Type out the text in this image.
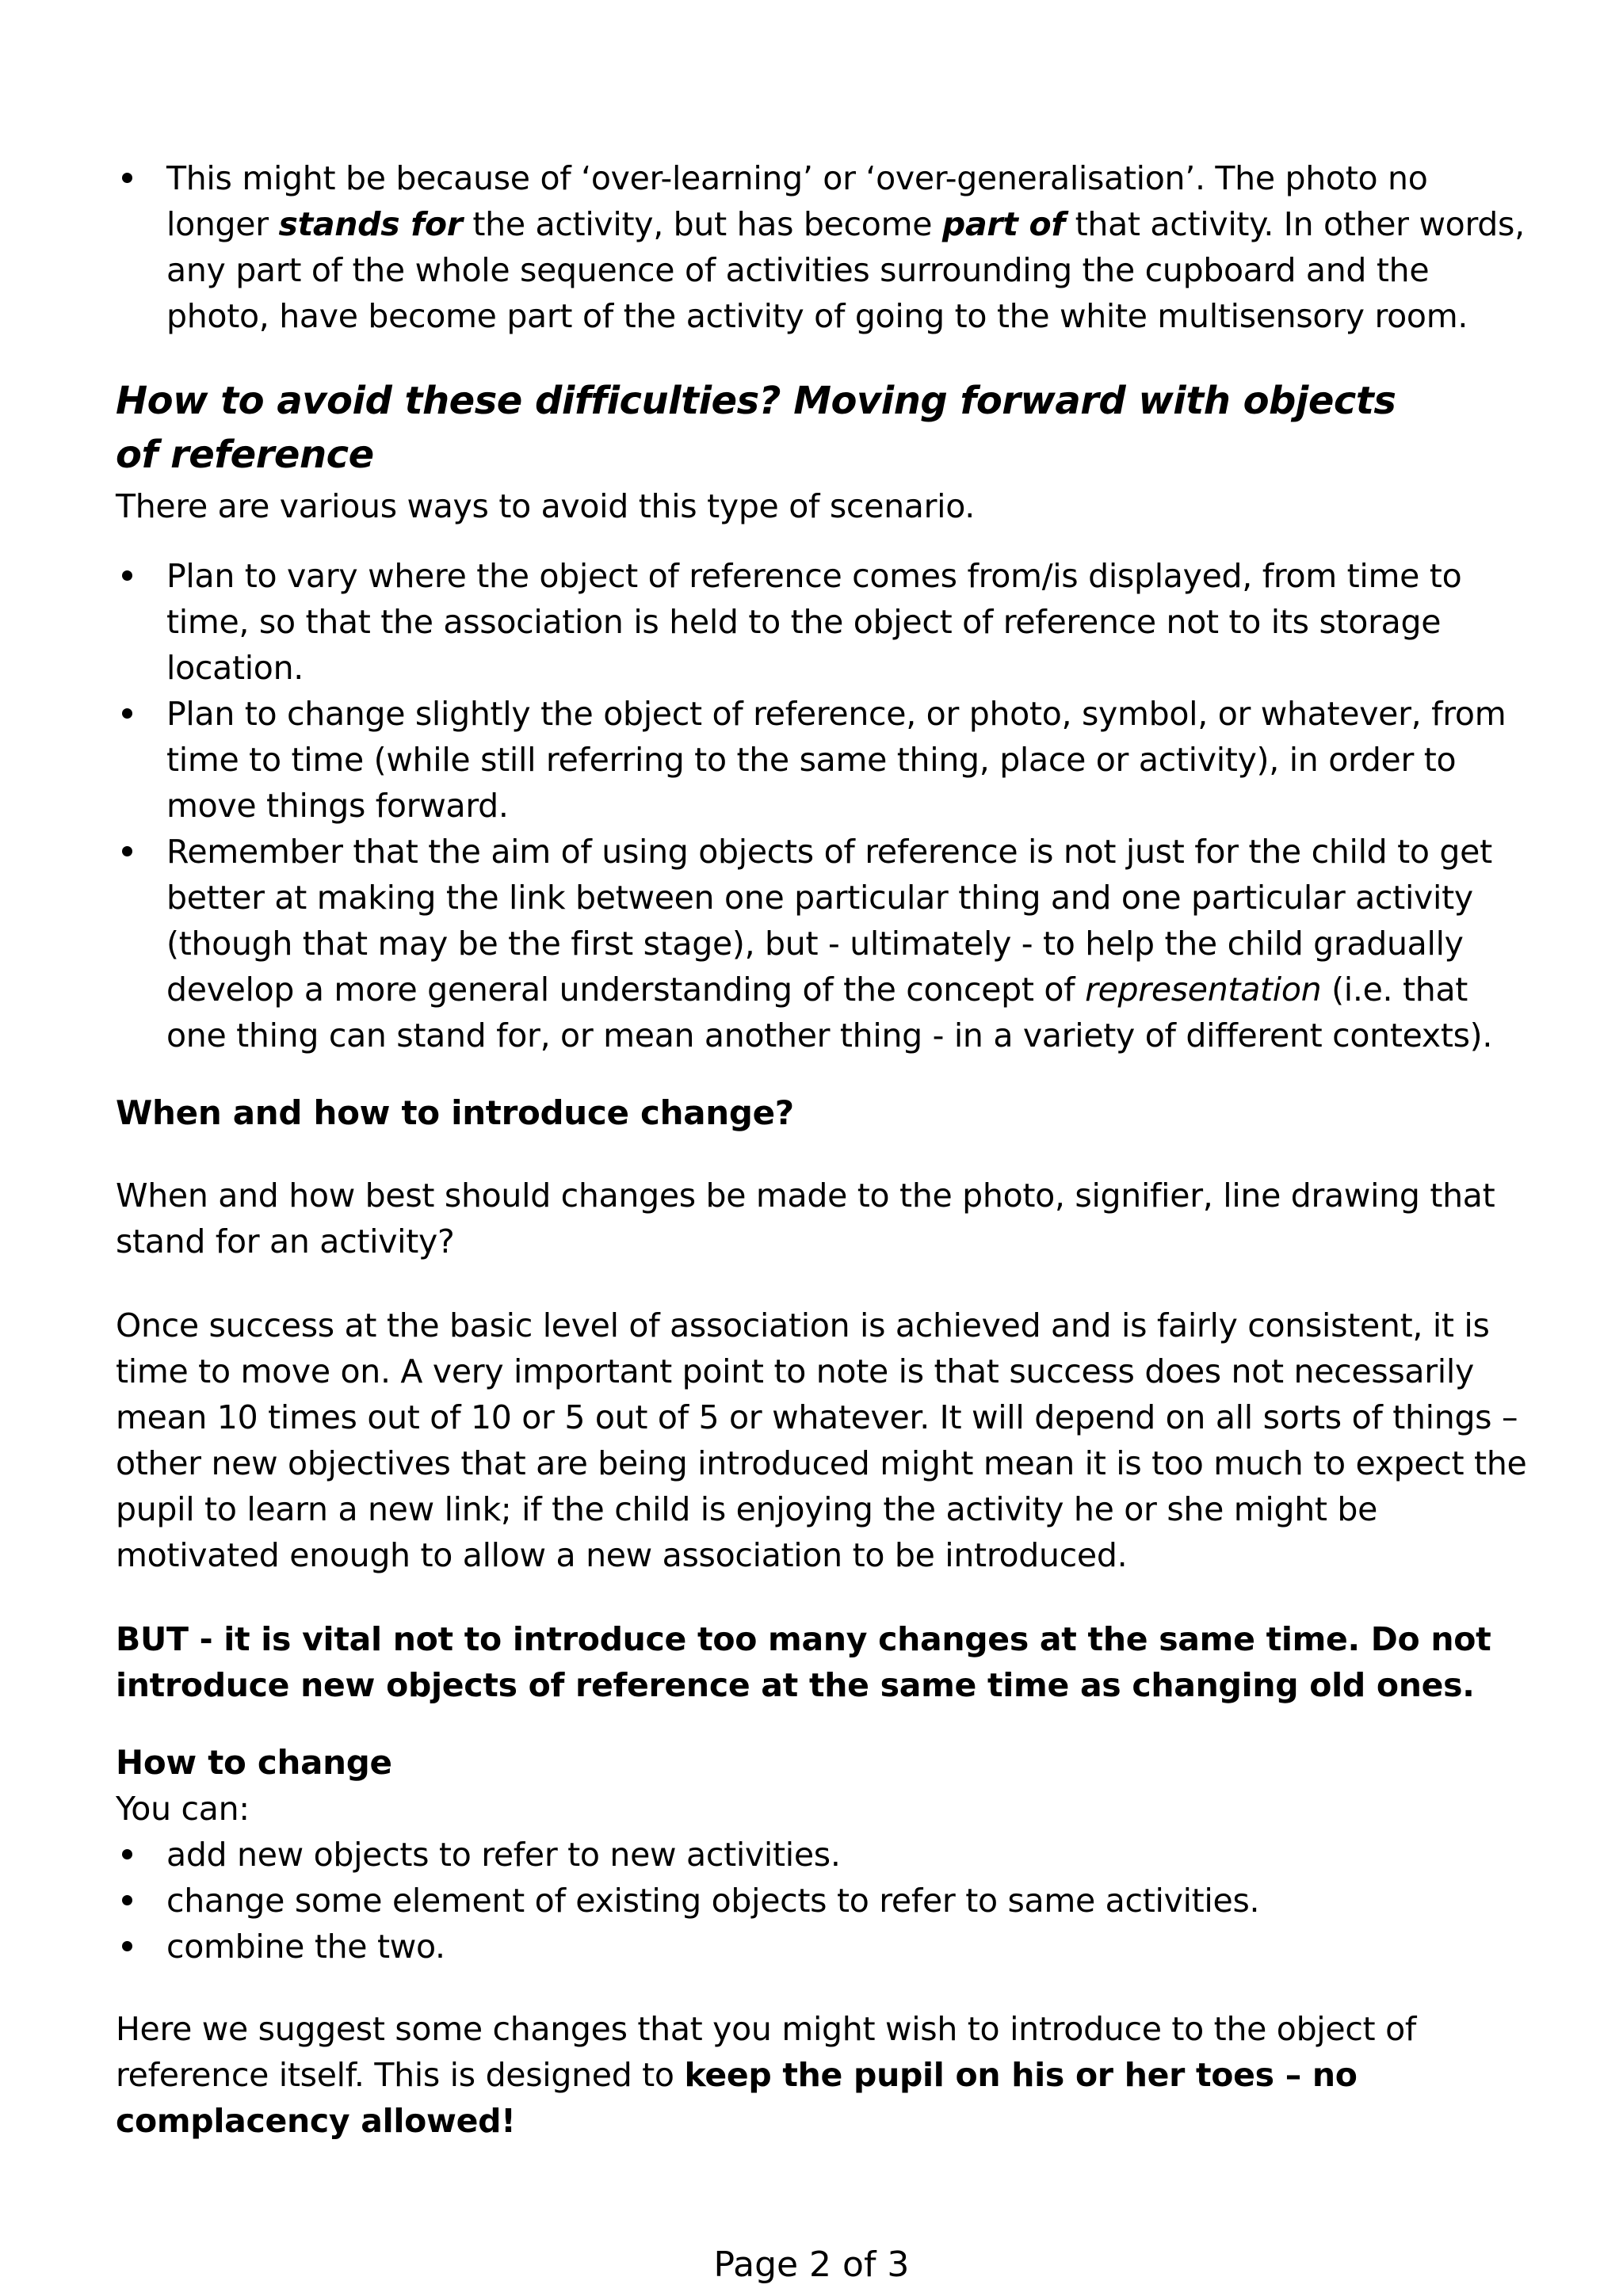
This might be because of ‘over-learning’ or ‘over-generalisation’. The photo no longer stands for the activity, but has become part of that activity. In other words, any part of the whole sequence of activities surrounding the cupboard and the photo, have become part of the activity of going to the white multisensory room.
How to avoid these difficulties? Moving forward with objects of reference

There are various ways to avoid this type of scenario.

Plan to vary where the object of reference comes from/is displayed, from time to time, so that the association is held to the object of reference not to its storage location.
Plan to change slightly the object of reference, or photo, symbol, or whatever, from time to time (while still referring to the same thing, place or activity), in order to move things forward.
Remember that the aim of using objects of reference is not just for the child to get better at making the link between one particular thing and one particular activity (though that may be the first stage), but - ultimately - to help the child gradually develop a more general understanding of the concept of representation (i.e. that one thing can stand for, or mean another thing - in a variety of different contexts).

When and how to introduce change?

When and how best should changes be made to the photo, signifier, line drawing that stand for an activity?

Once success at the basic level of association is achieved and is fairly consistent, it is time to move on. A very important point to note is that success does not necessarily mean 10 times out of 10 or 5 out of 5 or whatever. It will depend on all sorts of things – other new objectives that are being introduced might mean it is too much to expect the pupil to learn a new link; if the child is enjoying the activity he or she might be motivated enough to allow a new association to be introduced.

BUT - it is vital not to introduce too many changes at the same time. Do not introduce new objects of reference at the same time as changing old ones.

How to change

You can:

add new objects to refer to new activities.
change some element of existing objects to refer to same activities.
combine the two.

Here we suggest some changes that you might wish to introduce to the object of reference itself. This is designed to keep the pupil on his or her toes – no complacency allowed!

Page 2 of 3
